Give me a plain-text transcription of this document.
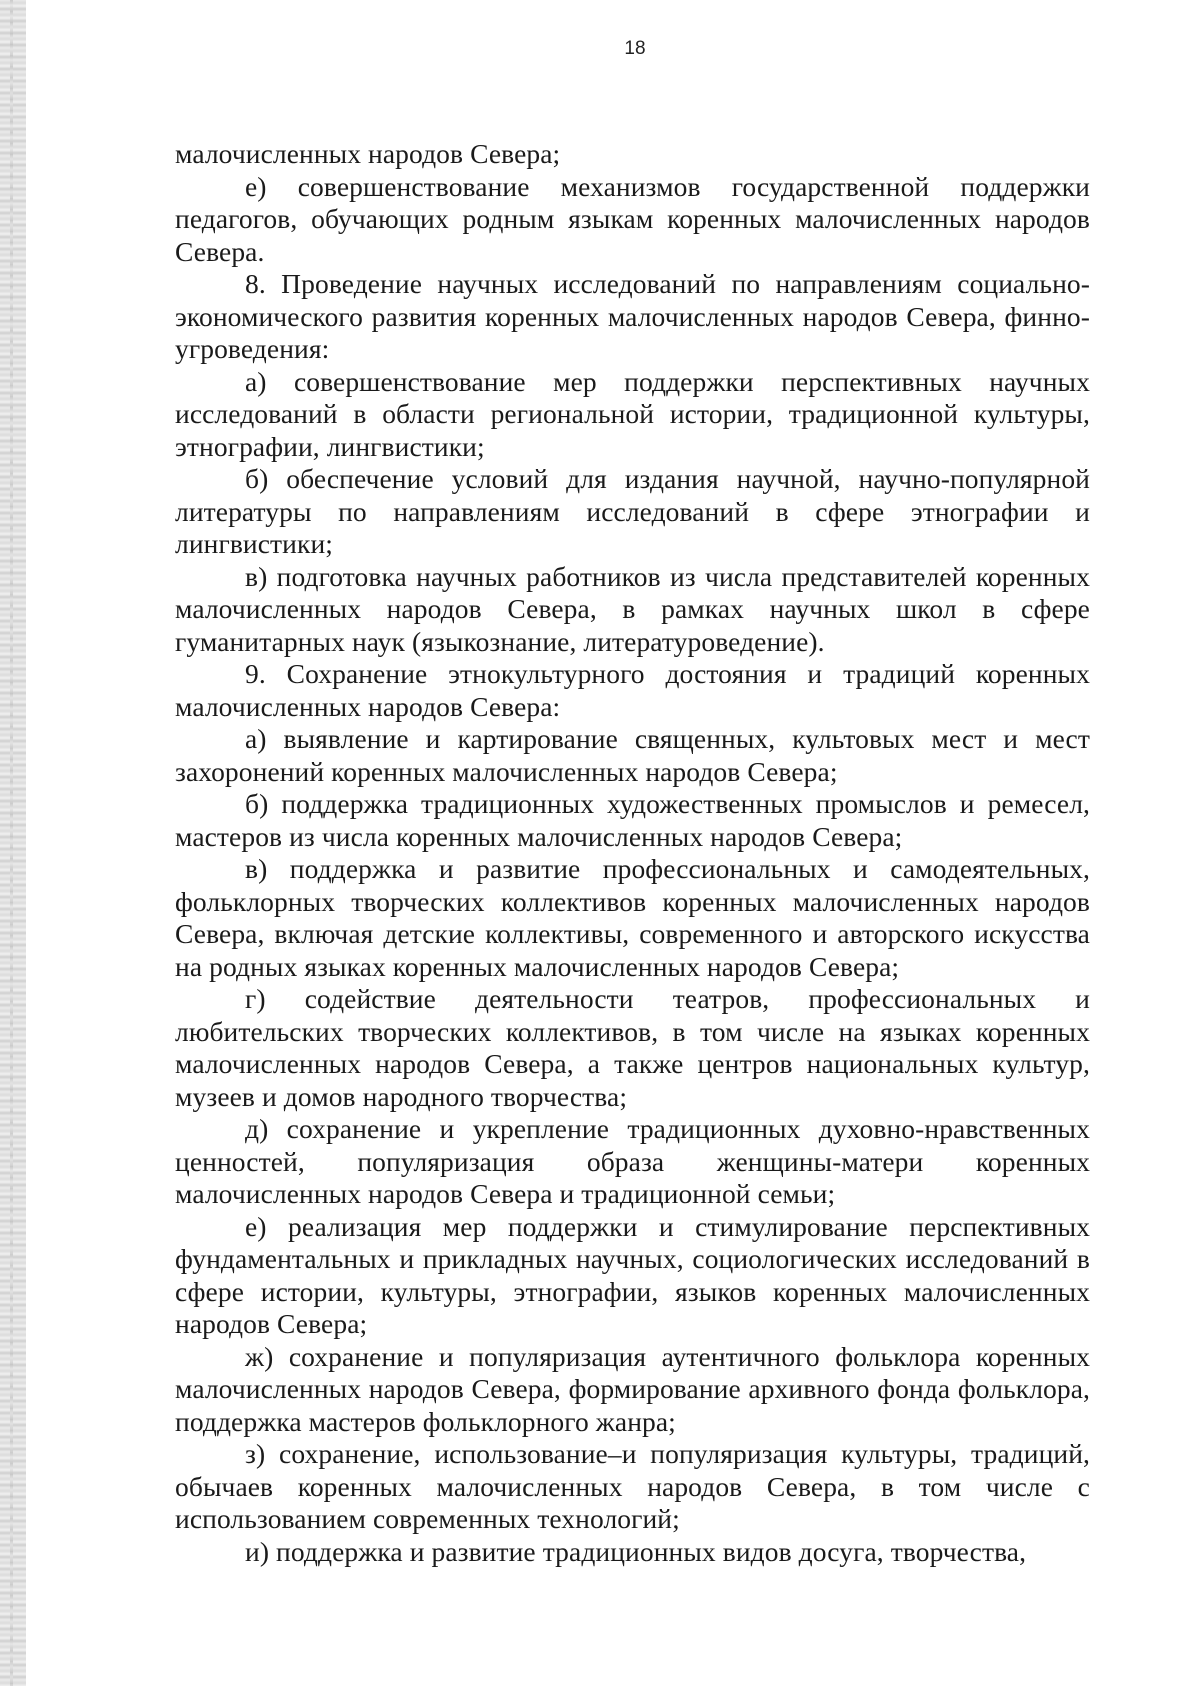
18

малочисленных народов Севера;

е) совершенствование механизмов государственной поддержки педагогов, обучающих родным языкам коренных малочисленных народов Севера.

8. Проведение научных исследований по направлениям социально-экономического развития коренных малочисленных народов Севера, финно-угроведения:

а) совершенствование мер поддержки перспективных научных исследований в области региональной истории, традиционной культуры, этнографии, лингвистики;

б) обеспечение условий для издания научной, научно-популярной литературы по направлениям исследований в сфере этнографии и лингвистики;

в) подготовка научных работников из числа представителей коренных малочисленных народов Севера, в рамках научных школ в сфере гуманитарных наук (языкознание, литературоведение).

9. Сохранение этнокультурного достояния и традиций коренных малочисленных народов Севера:

а) выявление и картирование священных, культовых мест и мест захоронений коренных малочисленных народов Севера;

б) поддержка традиционных художественных промыслов и ремесел, мастеров из числа коренных малочисленных народов Севера;

в) поддержка и развитие профессиональных и самодеятельных, фольклорных творческих коллективов коренных малочисленных народов Севера, включая детские коллективы, современного и авторского искусства на родных языках коренных малочисленных народов Севера;

г) содействие деятельности театров, профессиональных и любительских творческих коллективов, в том числе на языках коренных малочисленных народов Севера, а также центров национальных культур, музеев и домов народного творчества;

д) сохранение и укрепление традиционных духовно-нравственных ценностей, популяризация образа женщины-матери коренных малочисленных народов Севера и традиционной семьи;

е) реализация мер поддержки и стимулирование перспективных фундаментальных и прикладных научных, социологических исследований в сфере истории, культуры, этнографии, языков коренных малочисленных народов Севера;

ж) сохранение и популяризация аутентичного фольклора коренных малочисленных народов Севера, формирование архивного фонда фольклора, поддержка мастеров фольклорного жанра;

з) сохранение, использование–и популяризация культуры, традиций, обычаев коренных малочисленных народов Севера, в том числе с использованием современных технологий;

и) поддержка и развитие традиционных видов досуга, творчества,
